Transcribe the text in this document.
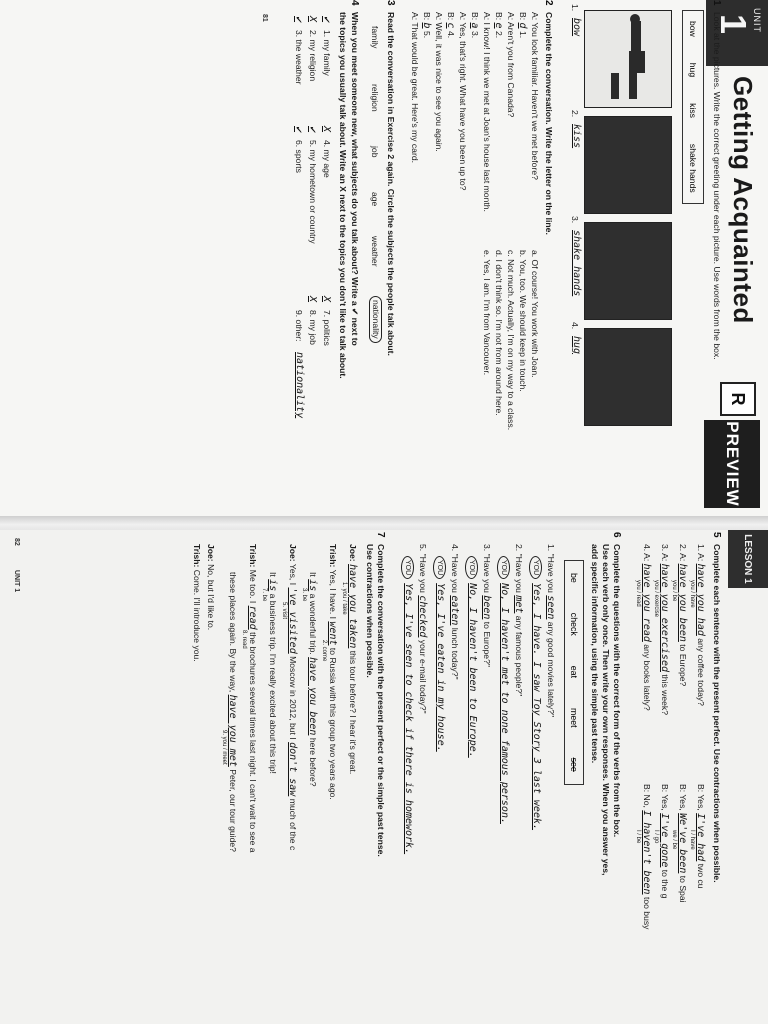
UNIT
1
Getting Acquainted
1
Look at the pictures. Write the correct greeting under each picture. Use words from the box.
bow
hug
kiss
shake hands
1.
bow
2.
kiss
3.
shake hands
4.
hug
R
PREVIEW
2
Complete the conversation. Write the letter on the line.
A: You look familiar. Haven't we met before?
B: d 1.
A: Aren't you from Canada?
B: e 2.
A: I know! I think we met at Joan's house last month.
B: a 3.
A: Yes, that's right. What have you been up to?
B: c 4.
A: Well, it was nice to see you again.
B: b 5.
A: That would be great. Here's my card.
a. Of course! You work with Joan.
b. You, too. We should keep in touch.
c. Not much. Actually, I'm on my way to a class.
d. I don't think so. I'm not from around here.
e. Yes, I am. I'm from Vancouver.
3
Read the conversation in Exercise 2 again. Circle the subjects the people talk about.
family
religion
job
age
weather
nationality
4
When you meet someone new, what subjects do you talk about? Write a ✔ next to
the topics you usually talk about. Write an X next to the topics you don't like to talk about.
✔
1. my family
X
2. my religion
✔
3. the weather
X
4. my age
✔
5. my hometown or country
✔
6. sports
X
7. politics
X
8. my job
9. other:
nationality
81
LESSON 1
5
Complete each sentence with the present perfect. Use contractions when possible.
1. A: have you had any coffee today?
you / have
B: Yes, I've had two cu
I / have
2. A: have you been to Europe?
you / be
B: Yes, We've been to Spai
we / be
3. A: have you exercised this week?
you / exercise
B: Yes, I've gone to the g
I / go
4. A: have you read any books lately?
you / read
B: No, I haven't been too busy
I / be
6
Complete the questions with the correct form of the verbs from the box.
Use each verb only once. Then write your own responses. When you answer yes,
add specific information, using the simple past tense.
be
check
eat
meet
see
1. "Have you seen any good movies lately?"
YOUYes, I have. I saw Toy Story 3 last week.
2. "Have you met any famous people?"
YOUNo, I haven't met to none famous person.
3. "Have you been to Europe?"
YOUNo, I haven't been to Europe.
4. "Have you eaten lunch today?"
YOUYes, I've eaten in my house.
5. "Have you checked your e-mail today?"
YOUYes, I've seen to check if there is homework.
7
Complete the conversation with the present perfect or the simple past tense.
Use contractions when possible.
Joe: have you taken this tour before? I hear it's great.
1. you / take
Trish: Yes, I have. I went to Russia with this group two years ago.
2. come
It is a wonderful trip. have you been here before?
3. be
Joe: Yes, I 've visited Moscow in 2012, but I don't saw much of the c
5. visit
It is a business trip. I'm really excited about this trip!
7. be
Trish: Me too. I read the brochures several times last night. I can't wait to see a
8. read
these places again. By the way, have you met Peter, our tour guide?
9. you / meet
Joe: No, but I'd like to.
Trish: Come. I'll introduce you.
82
UNIT 1
